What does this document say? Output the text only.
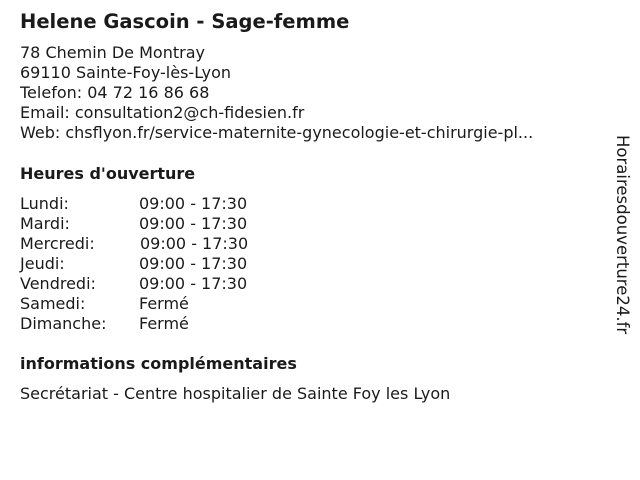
Helene Gascoin - Sage-femme
78 Chemin De Montray
69110 Sainte-Foy-lès-Lyon
Telefon: 04 72 16 86 68
Email: consultation2@ch-fidesien.fr
Web: chsflyon.fr/service-maternite-gynecologie-et-chirurgie-pl...
Heures d'ouverture
Lundi:	09:00 - 17:30
Mardi:	09:00 - 17:30
Mercredi:	09:00 - 17:30
Jeudi:	09:00 - 17:30
Vendredi:	09:00 - 17:30
Samedi:	Fermé
Dimanche: Fermé
informations complémentaires
Secrétariat - Centre hospitalier de Sainte Foy les Lyon
Horairesdouverture24.fr
